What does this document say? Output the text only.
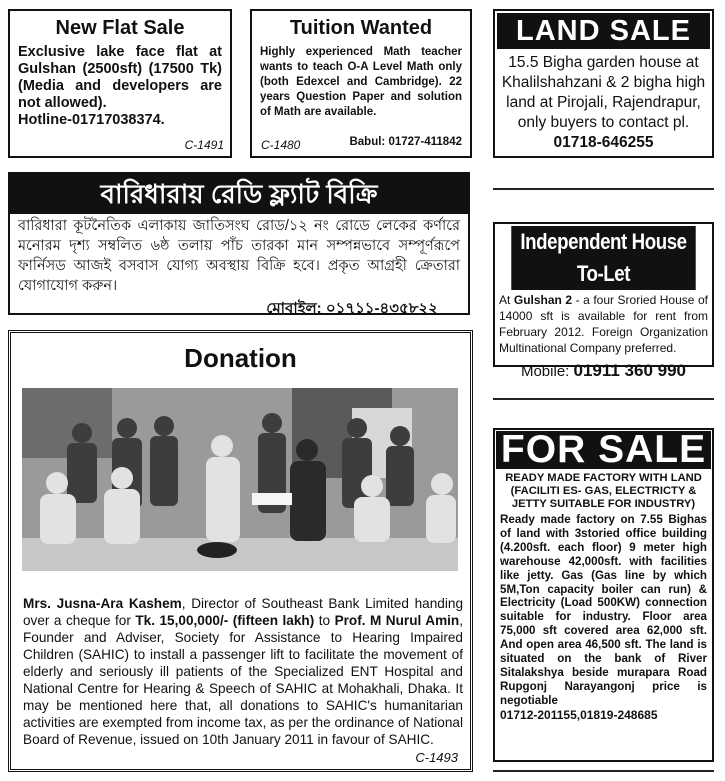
New Flat Sale
Exclusive lake face flat at Gulshan (2500sft) (17500 Tk) (Media and developers are not allowed).
Hotline-01717038374.
C-1491
Tuition Wanted
Highly experienced Math teacher wants to teach O-A Level Math only (both Edexcel and Cambridge). 22 years Question Paper and solution of Math are available.
C-1480	Babul: 01727-411842
LAND SALE
15.5 Bigha garden house at Khalilshahzani & 2 bigha high land at Pirojali, Rajendrapur, only buyers to contact pl. 01718-646255
বারিধারায় রেডি ফ্ল্যাট বিক্রি
বারিধারা কূটনৈতিক এলাকায় জাতিসংঘ রোড/১২ নং রোডে লেকের কর্ণারে মনোরম দৃশ্য সম্বলিত ৬ষ্ঠ তলায় পাঁচ তারকা মান সম্পন্নভাবে সম্পূর্ণরূপে ফার্নিসড আজই বসবাস যোগ্য অবস্থায় বিক্রি হবে। প্রকৃত আগ্রহী ক্রেতারা যোগাযোগ করুন।
মোবাইল: ০১৭১১-৪৩৫৮২২
Independent House To-Let
At Gulshan 2 - a four Sroried House of 14000 sft is available for rent from February 2012. Foreign Organization Multinational Company preferred.
Mobile: 01911 360 990
Donation
Mrs. Jusna-Ara Kashem, Director of Southeast Bank Limited handing over a cheque for Tk. 15,00,000/- (fifteen lakh) to Prof. M Nurul Amin, Founder and Adviser, Society for Assistance to Hearing Impaired Children (SAHIC) to install a passenger lift to facilitate the movement of elderly and seriously ill patients of the Specialized ENT Hospital and National Centre for Hearing & Speech of SAHIC at Mohakhali, Dhaka. It may be mentioned here that, all donations to SAHIC's humanitarian activities are exempted from income tax, as per the ordinance of National Board of Revenue, issued on 10th January 2011 in favour of SAHIC.
C-1493
FOR SALE
READY MADE FACTORY WITH LAND (FACILITI ES- GAS, ELECTRICTY & JETTY SUITABLE FOR INDUSTRY)
Ready made factory on 7.55 Bighas of land with 3storied office building (4.200sft. each floor) 9 meter high warehouse 42,000sft. with facilities like jetty. Gas (Gas line by which 5M,Ton capacity boiler can run) & Electricity (Load 500KW) connection suitable for industry. Floor area 75,000 sft covered area 62,000 sft. And open area 46,500 sft. The land is situated on the bank of River Sitalakshya beside murapara Road Rupgonj Narayangonj price is negotiable
01712-201155,01819-248685
